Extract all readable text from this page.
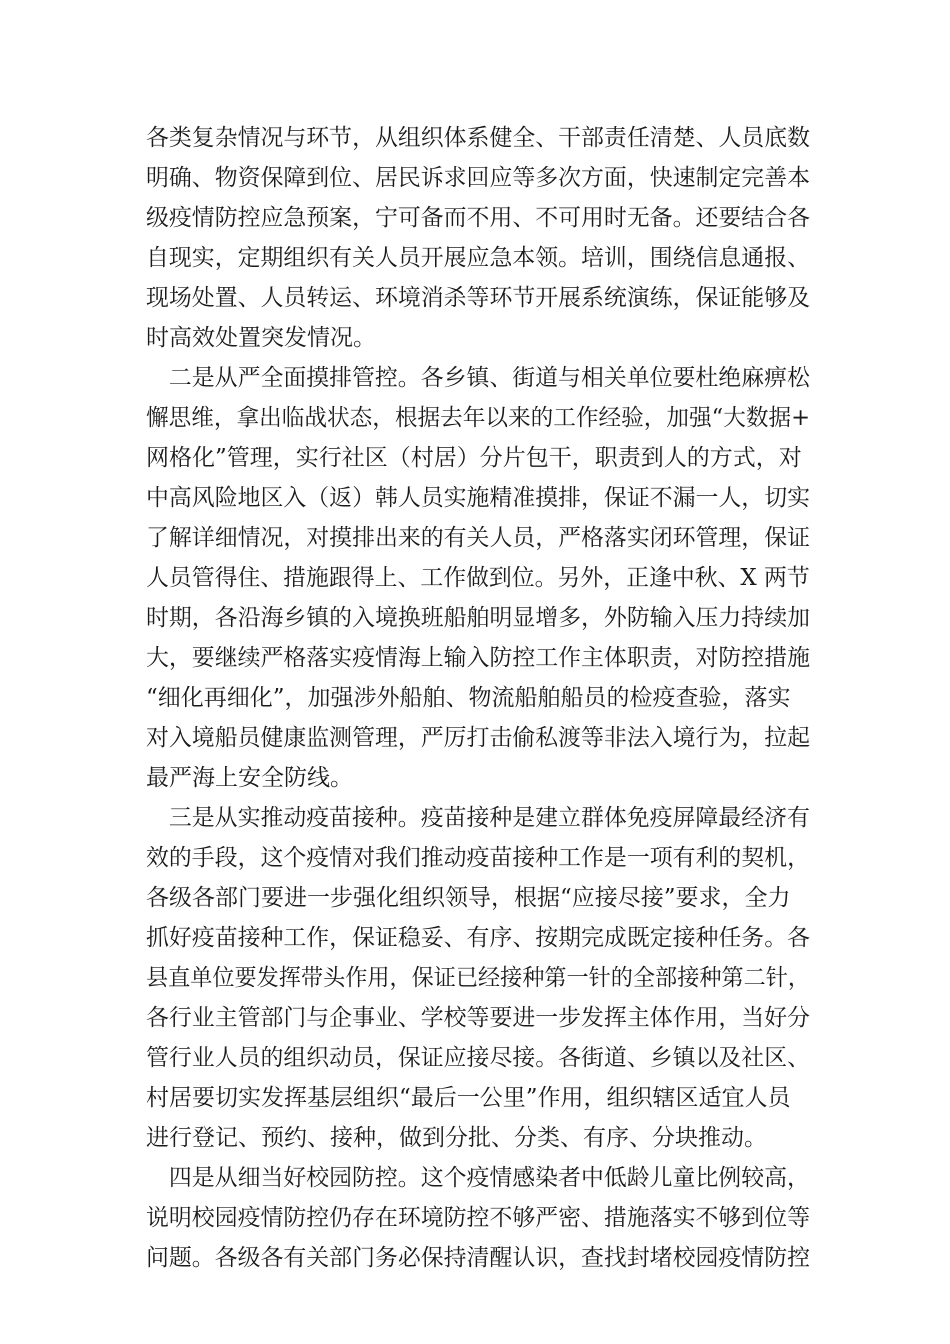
各类复杂情况与环节，从组织体系健全、干部责任清楚、人员底数
明确、物资保障到位、居民诉求回应等多次方面，快速制定完善本
级疫情防控应急预案，宁可备而不用、不可用时无备。还要结合各
自现实，定期组织有关人员开展应急本领。培训，围绕信息通报、
现场处置、人员转运、环境消杀等环节开展系统演练，保证能够及
时高效处置突发情况。
二是从严全面摸排管控。各乡镇、街道与相关单位要杜绝麻痹松
懈思维，拿出临战状态，根据去年以来的工作经验，加强“大数据+
网格化”管理，实行社区（村居）分片包干，职责到人的方式，对
中高风险地区入（返）韩人员实施精准摸排，保证不漏一人，切实
了解详细情况，对摸排出来的有关人员，严格落实闭环管理，保证
人员管得住、措施跟得上、工作做到位。另外，正逢中秋、X 两节
时期，各沿海乡镇的入境换班船舶明显增多，外防输入压力持续加
大，要继续严格落实疫情海上输入防控工作主体职责，对防控措施
“细化再细化”，加强涉外船舶、物流船舶船员的检疫查验，落实
对入境船员健康监测管理，严厉打击偷私渡等非法入境行为，拉起
最严海上安全防线。
三是从实推动疫苗接种。疫苗接种是建立群体免疫屏障最经济有
效的手段，这个疫情对我们推动疫苗接种工作是一项有利的契机，
各级各部门要进一步强化组织领导，根据“应接尽接”要求，全力
抓好疫苗接种工作，保证稳妥、有序、按期完成既定接种任务。各
县直单位要发挥带头作用，保证已经接种第一针的全部接种第二针，
各行业主管部门与企事业、学校等要进一步发挥主体作用，当好分
管行业人员的组织动员，保证应接尽接。各街道、乡镇以及社区、
村居要切实发挥基层组织“最后一公里”作用，组织辖区适宜人员
进行登记、预约、接种，做到分批、分类、有序、分块推动。
四是从细当好校园防控。这个疫情感染者中低龄儿童比例较高，
说明校园疫情防控仍存在环境防控不够严密、措施落实不够到位等
问题。各级各有关部门务必保持清醒认识，查找封堵校园疫情防控
